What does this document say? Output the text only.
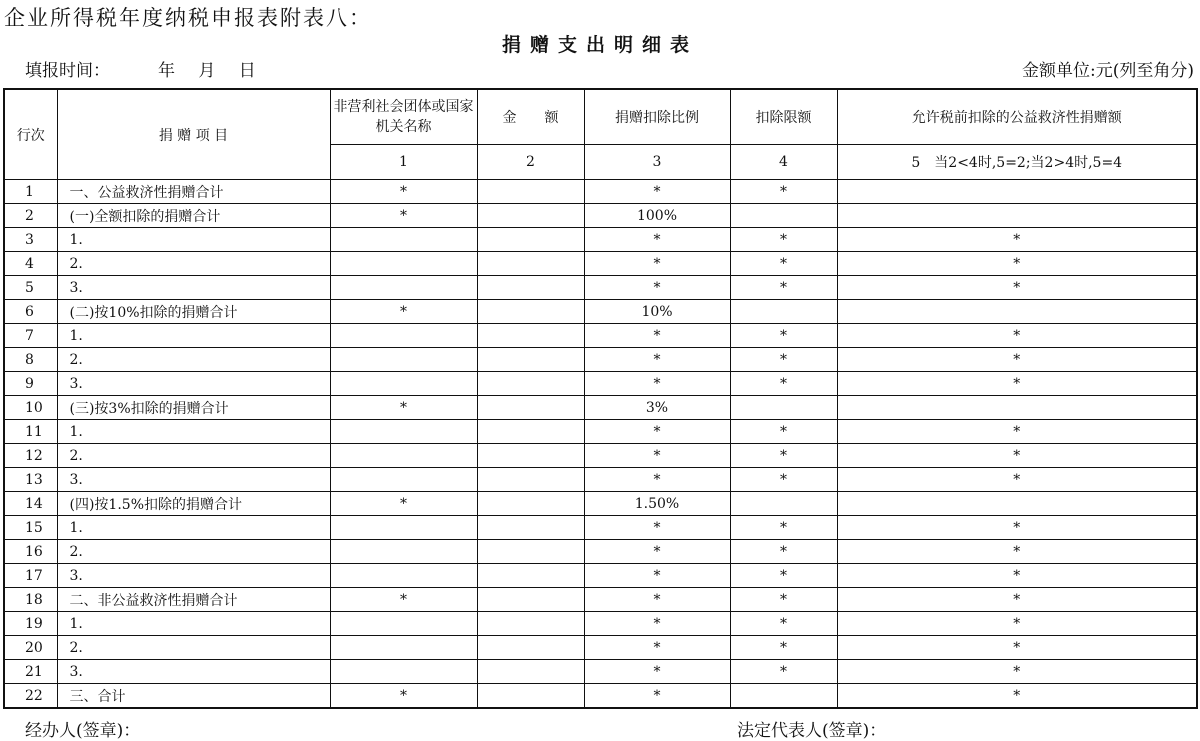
企业所得税年度纳税申报表附表八：
捐赠支出明细表
填报时间：	年 月 日	金额单位:元(列至角分)
行次	捐 赠 项 目	非营利社会团体或国家机关名称	金　　额	捐赠扣除比例	扣除限额	允许税前扣除的公益救济性捐赠额
		1	2	3	4	5　当2<4时,5=2;当2>4时,5=4
1	一、公益救济性捐赠合计	*		*	*	
2	(一)全额扣除的捐赠合计	*		100%		
3	1.			*	*	*
4	2.			*	*	*
5	3.			*	*	*
6	(二)按10%扣除的捐赠合计	*		10%		
7	1.			*	*	*
8	2.			*	*	*
9	3.			*	*	*
10	(三)按3%扣除的捐赠合计	*		3%		
11	1.			*	*	*
12	2.			*	*	*
13	3.			*	*	*
14	(四)按1.5%扣除的捐赠合计	*		1.50%		
15	1.			*	*	*
16	2.			*	*	*
17	3.			*	*	*
18	二、非公益救济性捐赠合计	*		*	*	*
19	1.			*	*	*
20	2.			*	*	*
21	3.			*	*	*
22	三、合计	*		*		*
经办人(签章)：	法定代表人(签章)：
